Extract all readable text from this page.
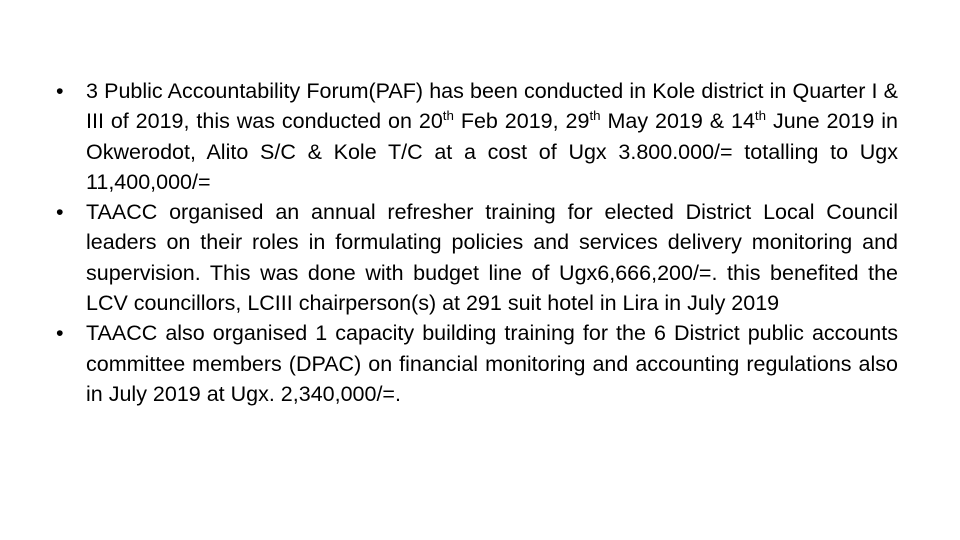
•	3 Public Accountability Forum(PAF) has been conducted in Kole district in Quarter I & III of 2019, this was conducted on 20th Feb 2019, 29th May 2019 & 14th June 2019 in Okwerodot, Alito S/C & Kole T/C at a cost of Ugx 3.800.000/= totalling to Ugx 11,400,000/=
•	TAACC organised an annual refresher training for elected District Local Council leaders on their roles in formulating policies and services delivery monitoring and supervision. This was done with budget line of Ugx6,666,200/=. this benefited the LCV councillors, LCIII chairperson(s) at 291 suit hotel in Lira in July 2019
•	TAACC also organised 1 capacity building training for the 6 District public accounts committee members (DPAC) on financial monitoring and accounting regulations also in July 2019 at Ugx. 2,340,000/=.
